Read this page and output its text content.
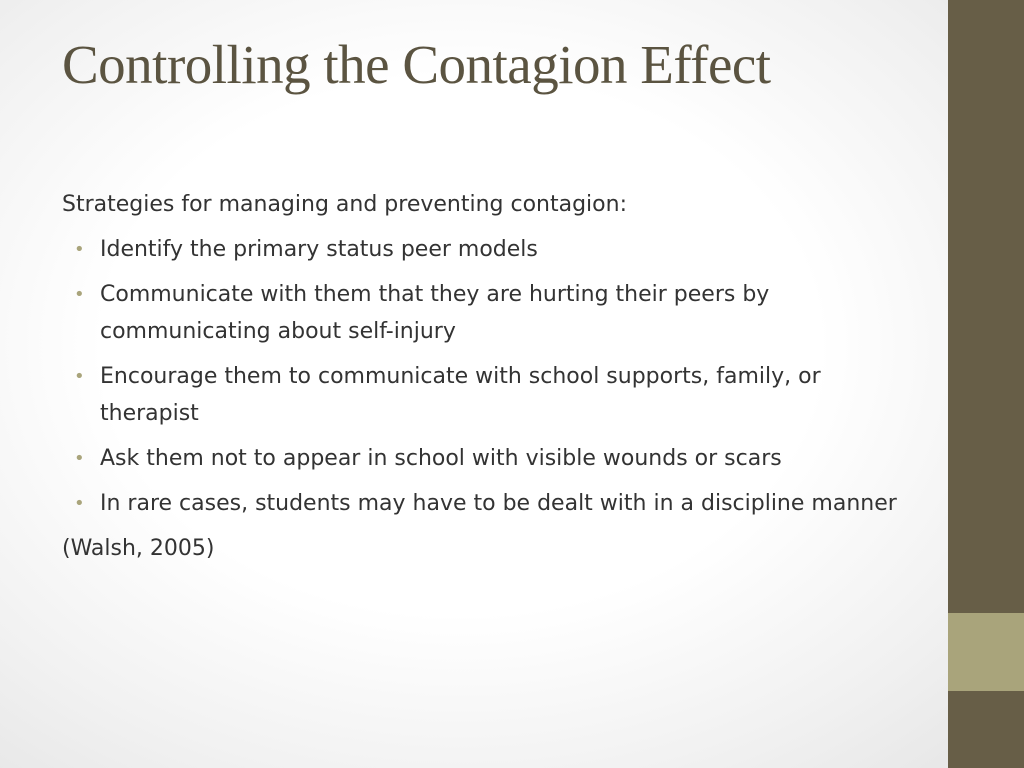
Controlling the Contagion Effect

Strategies for managing and preventing contagion:

• Identify the primary status peer models
• Communicate with them that they are hurting their peers by communicating about self-injury
• Encourage them to communicate with school supports, family, or therapist
• Ask them not to appear in school with visible wounds or scars
• In rare cases, students may have to be dealt with in a discipline manner

(Walsh, 2005)
